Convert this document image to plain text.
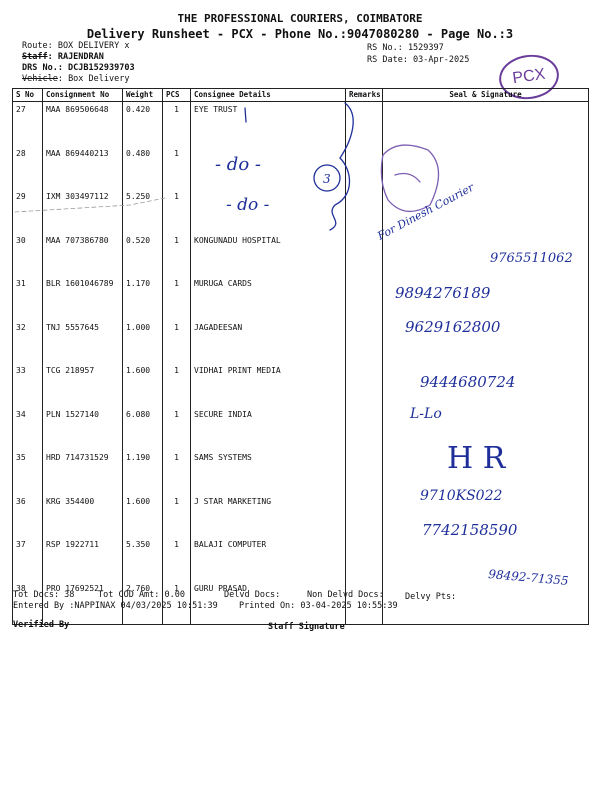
THE PROFESSIONAL COURIERS, COIMBATORE
Delivery Runsheet - PCX - Phone No.:9047080280 - Page No.:3
Route: BOX DELIVERY x
Staff: RAJENDRAN
DRS No.: DCJB152939703
Vehicle: Box Delivery
RS No.: 1529397
RS Date: 03-Apr-2025
PCX
S No	Consignment No	Weight	PCS	Consignee Details	Remarks	Seal & Signature
27	MAA 869506648	0.420	1	EYE TRUST		
28	MAA 869440213	0.480	1			
29	IXM 303497112	5.250	1			
30	MAA 707386780	0.520	1	KONGUNADU HOSPITAL		
31	BLR 1601046789	1.170	1	MURUGA CARDS		
32	TNJ 5557645	1.000	1	JAGADEESAN		
33	TCG 218957	1.600	1	VIDHAI PRINT MEDIA		
34	PLN 1527140	6.080	1	SECURE INDIA		
35	HRD 714731529	1.190	1	SAMS SYSTEMS		
36	KRG 354400	1.600	1	J STAR MARKETING		
37	RSP 1922711	5.350	1	BALAJI COMPUTER		
38	PRO 17692521	2.760	1	GURU PRASAD		
- do -
- do -
3
For Dinesh Courier
9765511062
9894276189
9629162800
9444680724
L-Lo
H R
9710KS022
7742158590
98492-71355
Tot Docs: 38	Tot COD Amt: 0.00	Delvd Docs:	Non Delvd Docs: Delvy Pts:
Entered By :NAPPINAX 04/03/2025 10:51:39	Printed On: 03-04-2025 10:55:39
Verified By	Staff Signature
